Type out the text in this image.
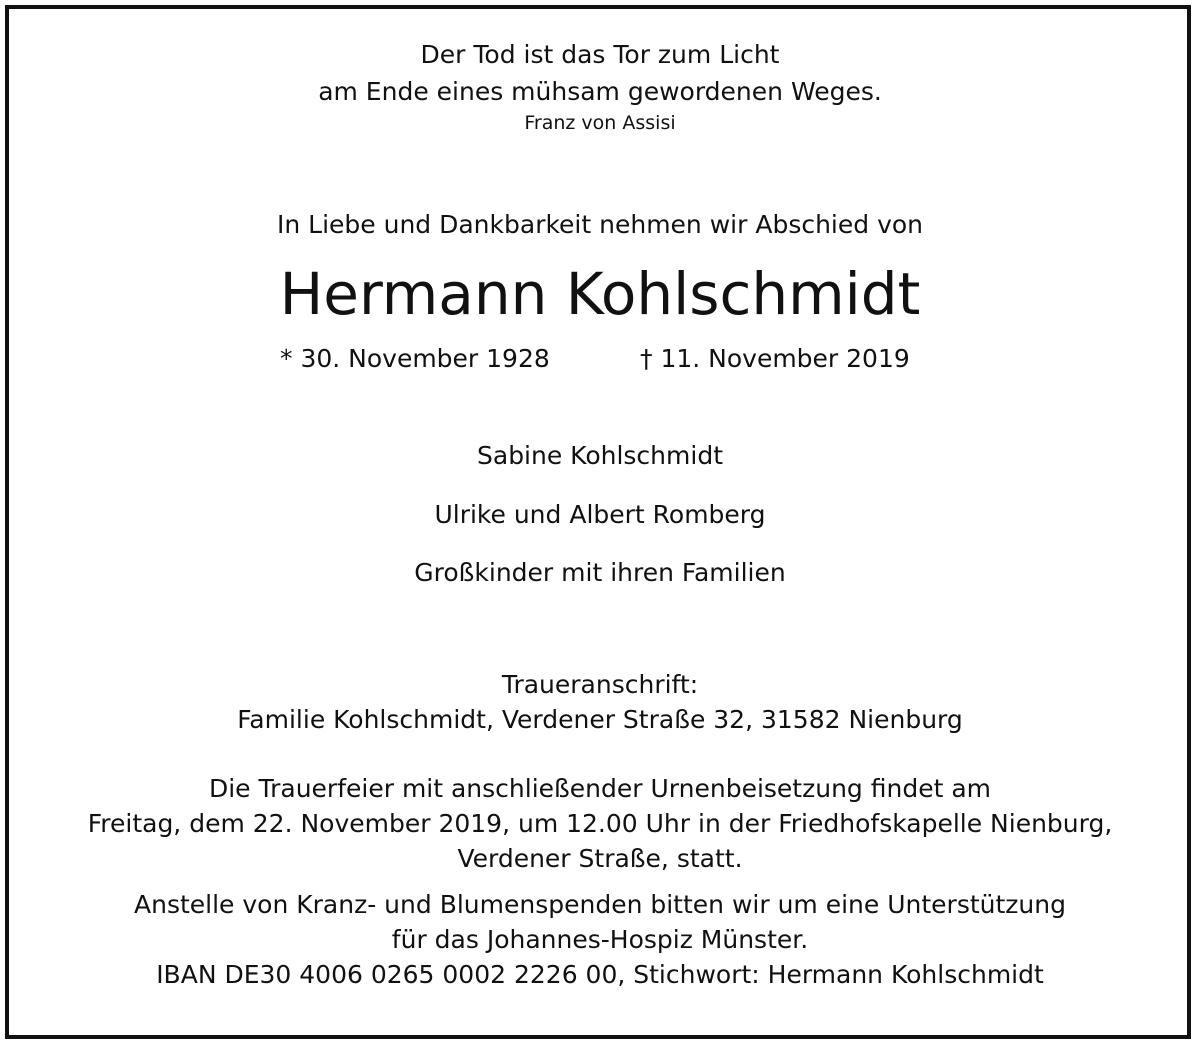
Der Tod ist das Tor zum Licht
am Ende eines mühsam gewordenen Weges.
Franz von Assisi
In Liebe und Dankbarkeit nehmen wir Abschied von
Hermann Kohlschmidt
* 30. November 1928	† 11. November 2019
Sabine Kohlschmidt
Ulrike und Albert Romberg
Großkinder mit ihren Familien
Traueranschrift:
Familie Kohlschmidt, Verdener Straße 32, 31582 Nienburg
Die Trauerfeier mit anschließender Urnenbeisetzung findet am
Freitag, dem 22. November 2019, um 12.00 Uhr in der Friedhofskapelle Nienburg,
Verdener Straße, statt.
Anstelle von Kranz- und Blumenspenden bitten wir um eine Unterstützung
für das Johannes-Hospiz Münster.
IBAN DE30 4006 0265 0002 2226 00, Stichwort: Hermann Kohlschmidt
